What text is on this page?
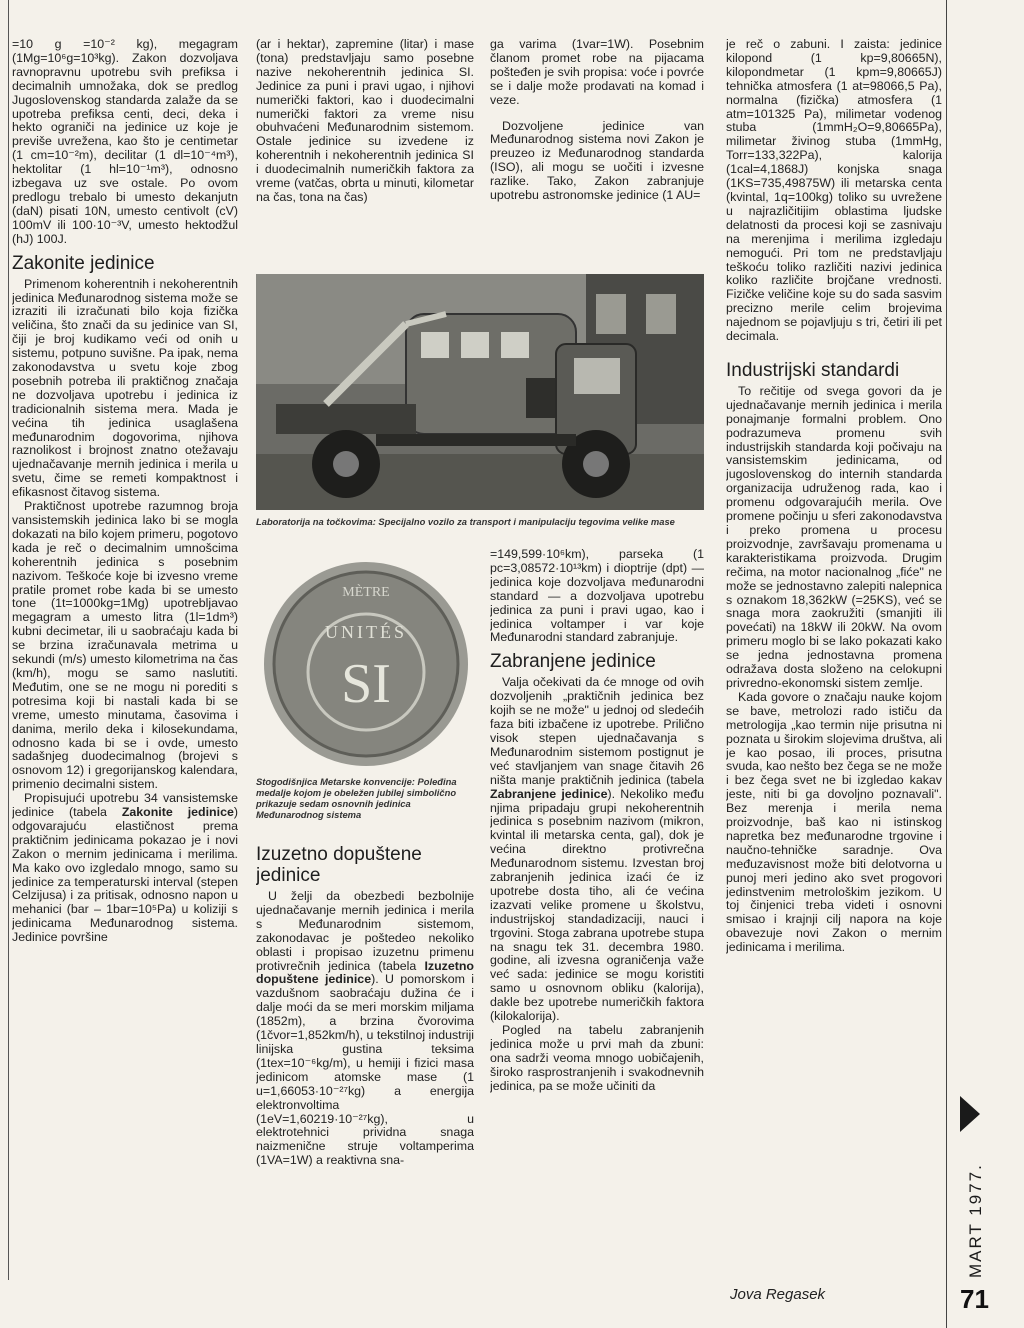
=10 g =10⁻² kg), megagram (1Mg=10⁶g=10³kg). Zakon dozvoljava ravnopravnu upotrebu svih prefiksa i decimalnih umnožaka, dok se predlog Jugoslovenskog standarda zalaže da se upotreba prefiksa centi, deci, deka i hekto ograniči na jedinice uz koje je previše uvrežena, kao što je centimetar (1 cm=10⁻²m), decilitar (1 dl=10⁻⁴m³), hektolitar (1 hl=10⁻¹m³), odnosno izbegava uz sve ostale. Po ovom predlogu trebalo bi umesto dekanjutn (daN) pisati 10N, umesto centivolt (cV) 100mV ili 100·10⁻³V, umesto hektodžul (hJ) 100J.

Zakonite jedinice

Primenom koherentnih i nekoherentnih jedinica Međunarodnog sistema može se izraziti ili izračunati bilo koja fizička veličina, što znači da su jedinice van SI, čiji je broj kudikamo veći od onih u sistemu, potpuno suvišne. Pa ipak, nema zakonodavstva u svetu koje zbog posebnih potreba ili praktičnog značaja ne dozvoljava upotrebu i jedinica iz tradicionalnih sistema mera. Mada je većina tih jedinica usaglašena međunarodnim dogovorima, njihova raznolikost i brojnost znatno otežavaju ujednačavanje mernih jedinica i merila u svetu, čime se remeti kompaktnost i efikasnost čitavog sistema.

Praktičnost upotrebe razumnog broja vansistemskih jedinica lako bi se mogla dokazati na bilo kojem primeru, pogotovo kada je reč o decimalnim umnošcima koherentnih jedinica s posebnim nazivom. Teškoće koje bi izvesno vreme pratile promet robe kada bi se umesto tone (1t=1000kg=1Mg) upotrebljavao megagram a umesto litra (1l=1dm³) kubni decimetar, ili u saobraćaju kada bi se brzina izračunavala metrima u sekundi (m/s) umesto kilometrima na čas (km/h), mogu se samo naslutiti. Međutim, one se ne mogu ni porediti s potresima koji bi nastali kada bi se vreme, umesto minutama, časovima i danima, merilo deka i kilosekundama, odnosno kada bi se i ovde, umesto sadašnjeg duodecimalnog (brojevi s osnovom 12) i gregorijanskog kalendara, primenio decimalni sistem.

Propisujući upotrebu 34 vansistemske jedinice (tabela Zakonite jedinice) odgovarajuću elastičnost prema praktičnim jedinicama pokazao je i novi Zakon o mernim jedinicama i merilima. Ma kako ovo izgledalo mnogo, samo su jedinice za temperaturski interval (stepen Celzijusa) i za pritisak, odnosno napon u mehanici (bar – 1bar=10⁵Pa) u koliziji s jedinicama Međunarodnog sistema. Jedinice površine

(ar i hektar), zapremine (litar) i mase (tona) predstavljaju samo posebne nazive nekoherentnih jedinica SI. Jedinice za puni i pravi ugao, i njihovi numerički faktori, kao i duodecimalni numerički faktori za vreme nisu obuhvaćeni Međunarodnim sistemom. Ostale jedinice su izvedene iz koherentnih i nekoherentnih jedinica SI i duodecimalnih numeričkih faktora za vreme (vatčas, obrta u minuti, kilometar na čas, tona na čas)

Laboratorija na točkovima: Specijalno vozilo za transport i manipulaciju tegovima velike mase
MÈTRE
UNITÉS
SI
Stogodišnjica Metarske konvencije: Poleđina medalje kojom je obeležen jubilej simbolično prikazuje sedam osnovnih jedinica Međunarodnog sistema
Izuzetno dopuštene jedinice

U želji da obezbedi bezbolnije ujednačavanje mernih jedinica i merila s Međunarodnim sistemom, zakonodavac je poštedeo nekoliko oblasti i propisao izuzetnu primenu protivrečnih jedinica (tabela Izuzetno dopuštene jedinice). U pomorskom i vazdušnom saobraćaju dužina će i dalje moći da se meri morskim miljama (1852m), a brzina čvorovima (1čvor=1,852km/h), u tekstilnoj industriji linijska gustina teksima (1tex=10⁻⁶kg/m), u hemiji i fizici masa jedinicom atomske mase (1 u=1,66053·10⁻²⁷kg) a energija elektronvoltima (1eV=1,60219·10⁻²⁷kg), u elektrotehnici prividna snaga naizmenične struje voltamperima (1VA=1W) a reaktivna sna-

ga varima (1var=1W). Posebnim članom promet robe na pijacama pošteđen je svih propisa: voće i povrće se i dalje može prodavati na komad i veze.

Dozvoljene jedinice van Međunarodnog sistema novi Zakon je preuzeo iz Međunarodnog standarda (ISO), ali mogu se uočiti i izvesne razlike. Tako, Zakon zabranjuje upotrebu astronomske jedinice (1 AU=

=149,599·10⁶km), parseka (1 pc=3,08572·10¹³km) i dioptrije (dpt) — jedinica koje dozvoljava međunarodni standard — a dozvoljava upotrebu jedinica za puni i pravi ugao, kao i jedinica voltamper i var koje Međunarodni standard zabranjuje.

Zabranjene jedinice

Valja očekivati da će mnoge od ovih dozvoljenih „praktičnih jedinica bez kojih se ne može" u jednoj od sledećih faza biti izbačene iz upotrebe. Prilično visok stepen ujednačavanja s Međunarodnim sistemom postignut je već stavljanjem van snage čitavih 26 ništa manje praktičnih jedinica (tabela Zabranjene jedinice). Nekoliko među njima pripadaju grupi nekoherentnih jedinica s posebnim nazivom (mikron, kvintal ili metarska centa, gal), dok je većina direktno protivrečna Međunarodnom sistemu. Izvestan broj zabranjenih jedinica izaći će iz upotrebe dosta tiho, ali će većina izazvati velike promene u školstvu, industrijskoj standadizaciji, nauci i trgovini. Stoga zabrana upotrebe stupa na snagu tek 31. decembra 1980. godine, ali izvesna ograničenja važe već sada: jedinice se mogu koristiti samo u osnovnom obliku (kalorija), dakle bez upotrebe numeričkih faktora (kilokalorija).

Pogled na tabelu zabranjenih jedinica može u prvi mah da zbuni: ona sadrži veoma mnogo uobičajenih, široko rasprostranjenih i svakodnevnih jedinica, pa se može učiniti da

je reč o zabuni. I zaista: jedinice kilopond (1 kp=9,80665N), kilopondmetar (1 kpm=9,80665J) tehnička atmosfera (1 at=98066,5 Pa), normalna (fizička) atmosfera (1 atm=101325 Pa), milimetar vodenog stuba (1mmH₂O=9,80665Pa), milimetar živinog stuba (1mmHg, Torr=133,322Pa), kalorija (1cal=4,1868J) konjska snaga (1KS=735,49875W) ili metarska centa (kvintal, 1q=100kg) toliko su uvrežene u najrazličitijim oblastima ljudske delatnosti da procesi koji se zasnivaju na merenjima i merilima izgledaju nemogući. Pri tom ne predstavljaju teškoću toliko različiti nazivi jedinica koliko različite brojčane vrednosti. Fizičke veličine koje su do sada sasvim precizno merile celim brojevima najednom se pojavljuju s tri, četiri ili pet decimala.

Industrijski standardi

To rečitije od svega govori da je ujednačavanje mernih jedinica i merila ponajmanje formalni problem. Ono podrazumeva promenu svih industrijskih standarda koji počivaju na vansistemskim jedinicama, od jugoslovenskog do internih standarda organizacija udruženog rada, kao i promenu odgovarajućih merila. Ove promene počinju u sferi zakonodavstva i preko promena u procesu proizvodnje, završavaju promenama u karakteristikama proizvoda. Drugim rečima, na motor nacionalnog „fiće" ne može se jednostavno zalepiti nalepnica s oznakom 18,362kW (=25KS), već se snaga mora zaokružiti (smanjiti ili povećati) na 18kW ili 20kW. Na ovom primeru moglo bi se lako pokazati kako se jedna jednostavna promena odražava dosta složeno na celokupni privredno-ekonomski sistem zemlje.

Kada govore o značaju nauke kojom se bave, metrolozi rado ističu da metrologija „kao termin nije prisutna ni poznata u širokim slojevima društva, ali je kao posao, ili proces, prisutna svuda, kao nešto bez čega se ne može i bez čega svet ne bi izgledao kakav jeste, niti bi ga dovoljno poznavali". Bez merenja i merila nema proizvodnje, baš kao ni istinskog napretka bez međunarodne trgovine i naučno-tehničke saradnje. Ova međuzavisnost može biti delotvorna u punoj meri jedino ako svet progovori jedinstvenim metrološkim jezikom. U toj činjenici treba videti i osnovni smisao i krajnji cilj napora na koje obavezuje novi Zakon o mernim jedinicama i merilima.

Jova Regasek
MART 1977.
71
